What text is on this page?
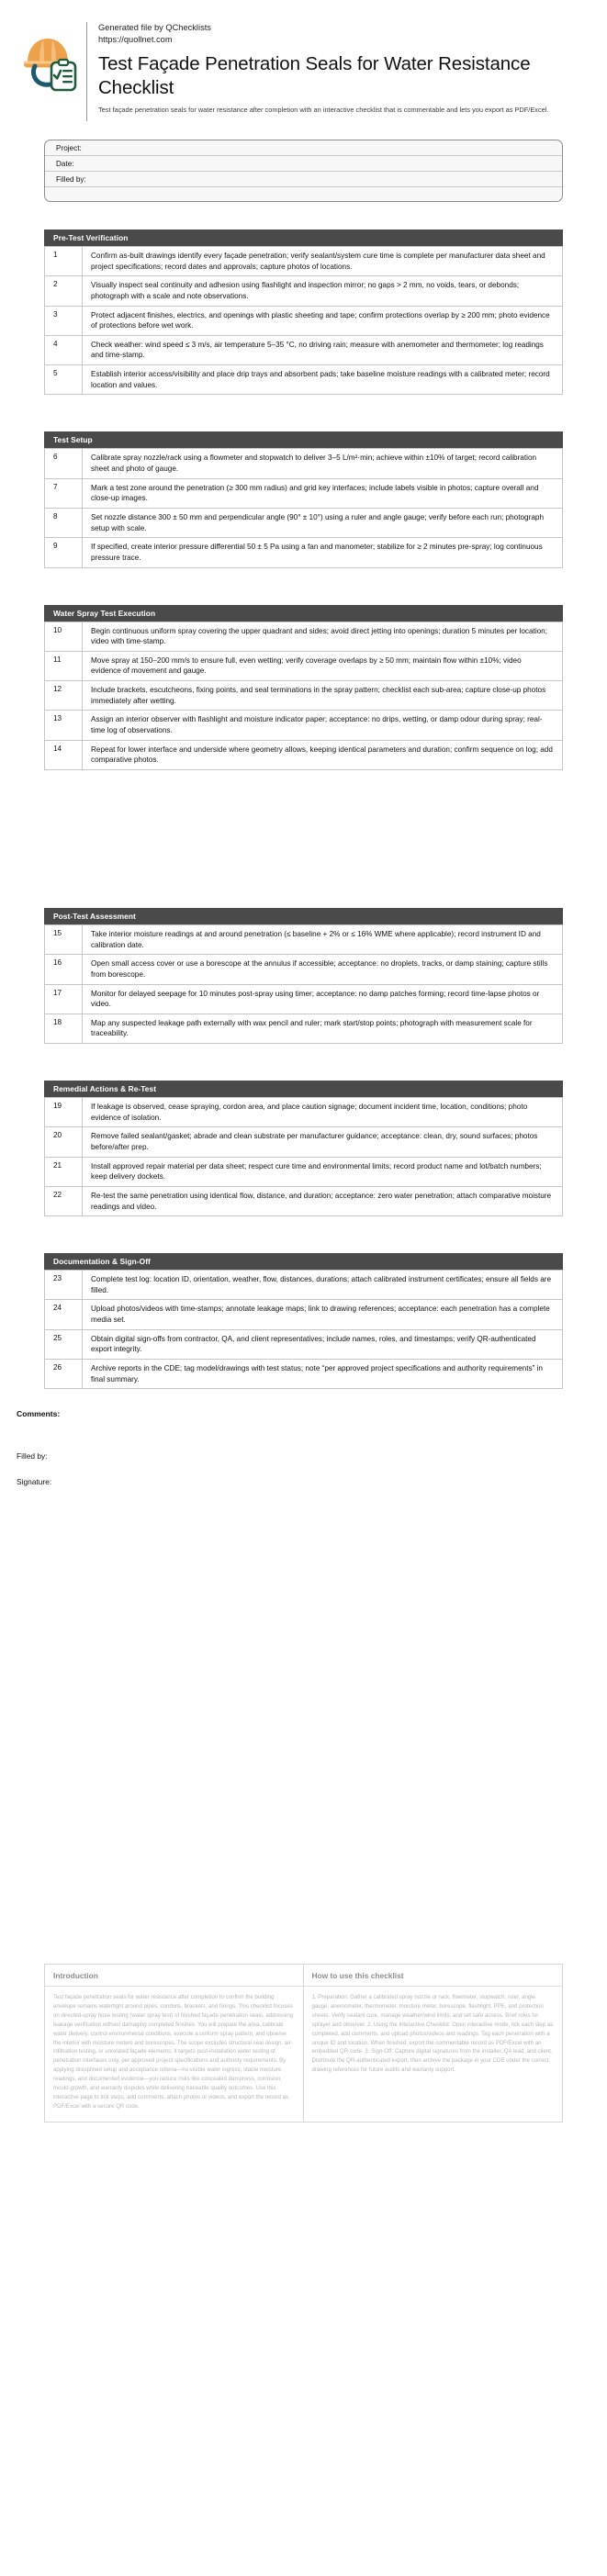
Generated file by QChecklists
https://quollnet.com
Test Façade Penetration Seals for Water Resistance Checklist
Test façade penetration seals for water resistance after completion with an interactive checklist that is commentable and lets you export as PDF/Excel.
Project:
Date:
Filled by:
Pre-Test Verification
1	Confirm as-built drawings identify every façade penetration; verify sealant/system cure time is complete per manufacturer data sheet and project specifications; record dates and approvals; capture photos of locations.
2	Visually inspect seal continuity and adhesion using flashlight and inspection mirror; no gaps > 2 mm, no voids, tears, or debonds; photograph with a scale and note observations.
3	Protect adjacent finishes, electrics, and openings with plastic sheeting and tape; confirm protections overlap by ≥ 200 mm; photo evidence of protections before wet work.
4	Check weather: wind speed ≤ 3 m/s, air temperature 5–35 °C, no driving rain; measure with anemometer and thermometer; log readings and time-stamp.
5	Establish interior access/visibility and place drip trays and absorbent pads; take baseline moisture readings with a calibrated meter; record location and values.
Test Setup
6	Calibrate spray nozzle/rack using a flowmeter and stopwatch to deliver 3–5 L/m²·min; achieve within ±10% of target; record calibration sheet and photo of gauge.
7	Mark a test zone around the penetration (≥ 300 mm radius) and grid key interfaces; include labels visible in photos; capture overall and close-up images.
8	Set nozzle distance 300 ± 50 mm and perpendicular angle (90° ± 10°) using a ruler and angle gauge; verify before each run; photograph setup with scale.
9	If specified, create interior pressure differential 50 ± 5 Pa using a fan and manometer; stabilize for ≥ 2 minutes pre-spray; log continuous pressure trace.
Water Spray Test Execution
10	Begin continuous uniform spray covering the upper quadrant and sides; avoid direct jetting into openings; duration 5 minutes per location; video with time-stamp.
11	Move spray at 150–200 mm/s to ensure full, even wetting; verify coverage overlaps by ≥ 50 mm; maintain flow within ±10%; video evidence of movement and gauge.
12	Include brackets, escutcheons, fixing points, and seal terminations in the spray pattern; checklist each sub-area; capture close-up photos immediately after wetting.
13	Assign an interior observer with flashlight and moisture indicator paper; acceptance: no drips, wetting, or damp odour during spray; real-time log of observations.
14	Repeat for lower interface and underside where geometry allows, keeping identical parameters and duration; confirm sequence on log; add comparative photos.
Post-Test Assessment
15	Take interior moisture readings at and around penetration (≤ baseline + 2% or ≤ 16% WME where applicable); record instrument ID and calibration date.
16	Open small access cover or use a borescope at the annulus if accessible; acceptance: no droplets, tracks, or damp staining; capture stills from borescope.
17	Monitor for delayed seepage for 10 minutes post-spray using timer; acceptance: no damp patches forming; record time-lapse photos or video.
18	Map any suspected leakage path externally with wax pencil and ruler; mark start/stop points; photograph with measurement scale for traceability.
Remedial Actions & Re-Test
19	If leakage is observed, cease spraying, cordon area, and place caution signage; document incident time, location, conditions; photo evidence of isolation.
20	Remove failed sealant/gasket; abrade and clean substrate per manufacturer guidance; acceptance: clean, dry, sound surfaces; photos before/after prep.
21	Install approved repair material per data sheet; respect cure time and environmental limits; record product name and lot/batch numbers; keep delivery dockets.
22	Re-test the same penetration using identical flow, distance, and duration; acceptance: zero water penetration; attach comparative moisture readings and video.
Documentation & Sign-Off
23	Complete test log: location ID, orientation, weather, flow, distances, durations; attach calibrated instrument certificates; ensure all fields are filled.
24	Upload photos/videos with time-stamps; annotate leakage maps; link to drawing references; acceptance: each penetration has a complete media set.
25	Obtain digital sign-offs from contractor, QA, and client representatives; include names, roles, and timestamps; verify QR-authenticated export integrity.
26	Archive reports in the CDE; tag model/drawings with test status; note “per approved project specifications and authority requirements” in final summary.
Comments:
Filled by:
Signature:
Introduction
Test façade penetration seals for water resistance after completion to confirm the building envelope remains watertight around pipes, conduits, brackets, and fixings. This checklist focuses on directed-spray hose testing (water spray test) of finished façade penetration seals, addressing leakage verification without damaging completed finishes. You will prepare the area, calibrate water delivery, control environmental conditions, execute a uniform spray pattern, and observe the interior with moisture meters and borescopes. The scope excludes structural seal design, air-infiltration testing, or unrelated façade elements; it targets post-installation water testing of penetration interfaces only, per approved project specifications and authority requirements. By applying disciplined setup and acceptance criteria—no visible water ingress, stable moisture readings, and documented evidence—you reduce risks like concealed dampness, corrosion, mould growth, and warranty disputes while delivering traceable quality outcomes. Use this interactive page to tick steps, add comments, attach photos or videos, and export the record as PDF/Excel with a secure QR code.
How to use this checklist
1. Preparation: Gather a calibrated spray nozzle or rack, flowmeter, stopwatch, ruler, angle gauge, anemometer, thermometer, moisture meter, borescope, flashlight, PPE, and protection sheets. Verify sealant cure, manage weather/wind limits, and set safe access. Brief roles for sprayer and observer. 2. Using the Interactive Checklist: Open interactive mode, tick each step as completed, add comments, and upload photos/videos and readings. Tag each penetration with a unique ID and location. When finished, export the commentable record as PDF/Excel with an embedded QR code. 3. Sign-Off: Capture digital signatures from the installer, QA lead, and client. Distribute the QR-authenticated export, then archive the package in your CDE under the correct drawing references for future audits and warranty support.
